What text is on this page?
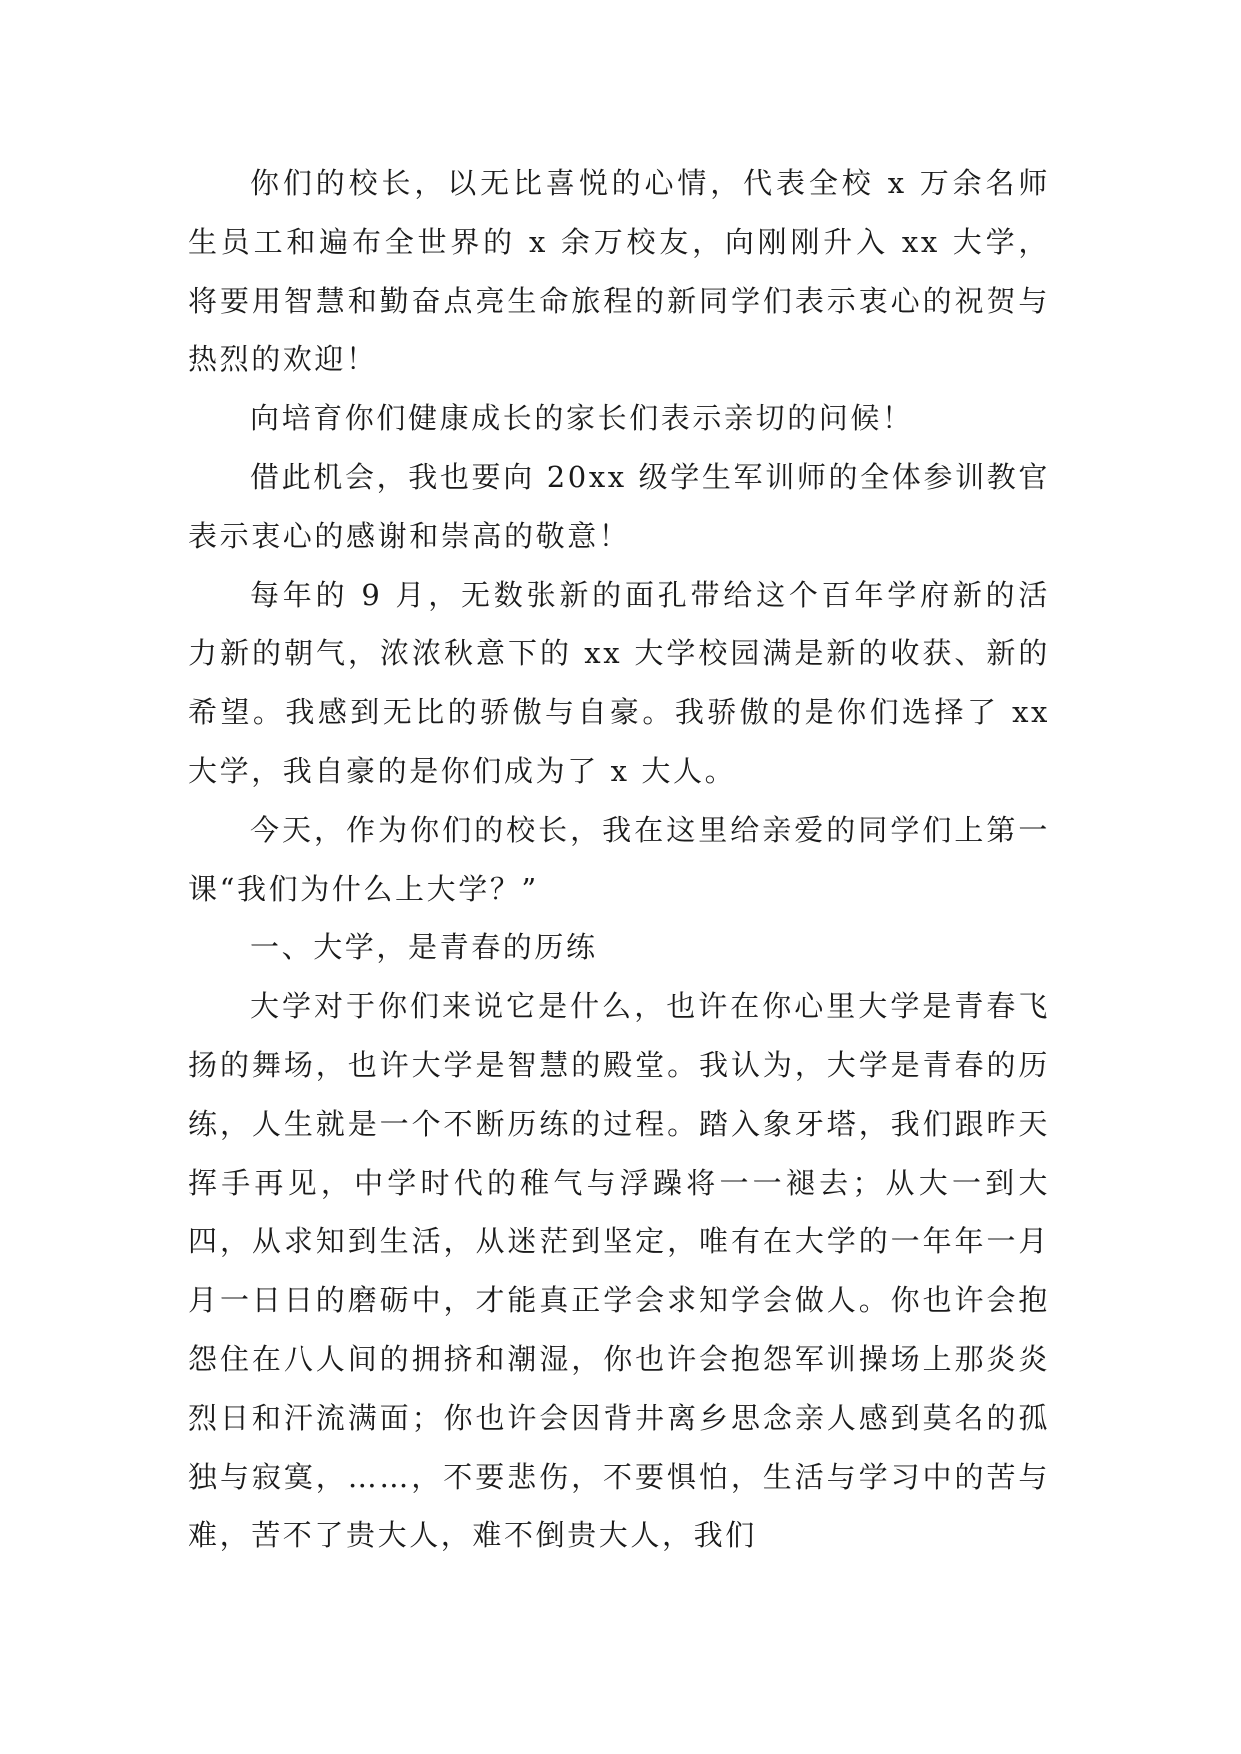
你们的校长，以无比喜悦的心情，代表全校 x 万余名师生员工和遍布全世界的 x 余万校友，向刚刚升入 xx 大学，将要用智慧和勤奋点亮生命旅程的新同学们表示衷心的祝贺与热烈的欢迎！

向培育你们健康成长的家长们表示亲切的问候！

借此机会，我也要向 20xx 级学生军训师的全体参训教官表示衷心的感谢和崇高的敬意！

每年的 9 月，无数张新的面孔带给这个百年学府新的活力新的朝气，浓浓秋意下的 xx 大学校园满是新的收获、新的希望。我感到无比的骄傲与自豪。我骄傲的是你们选择了 xx 大学，我自豪的是你们成为了 x 大人。

今天，作为你们的校长，我在这里给亲爱的同学们上第一课“我们为什么上大学？”

一、大学，是青春的历练

大学对于你们来说它是什么，也许在你心里大学是青春飞扬的舞场，也许大学是智慧的殿堂。我认为，大学是青春的历练，人生就是一个不断历练的过程。踏入象牙塔，我们跟昨天挥手再见，中学时代的稚气与浮躁将一一褪去；从大一到大四，从求知到生活，从迷茫到坚定，唯有在大学的一年年一月月一日日的磨砺中，才能真正学会求知学会做人。你也许会抱怨住在八人间的拥挤和潮湿，你也许会抱怨军训操场上那炎炎烈日和汗流满面；你也许会因背井离乡思念亲人感到莫名的孤独与寂寞，……，不要悲伤，不要惧怕，生活与学习中的苦与难，苦不了贵大人，难不倒贵大人，我们
